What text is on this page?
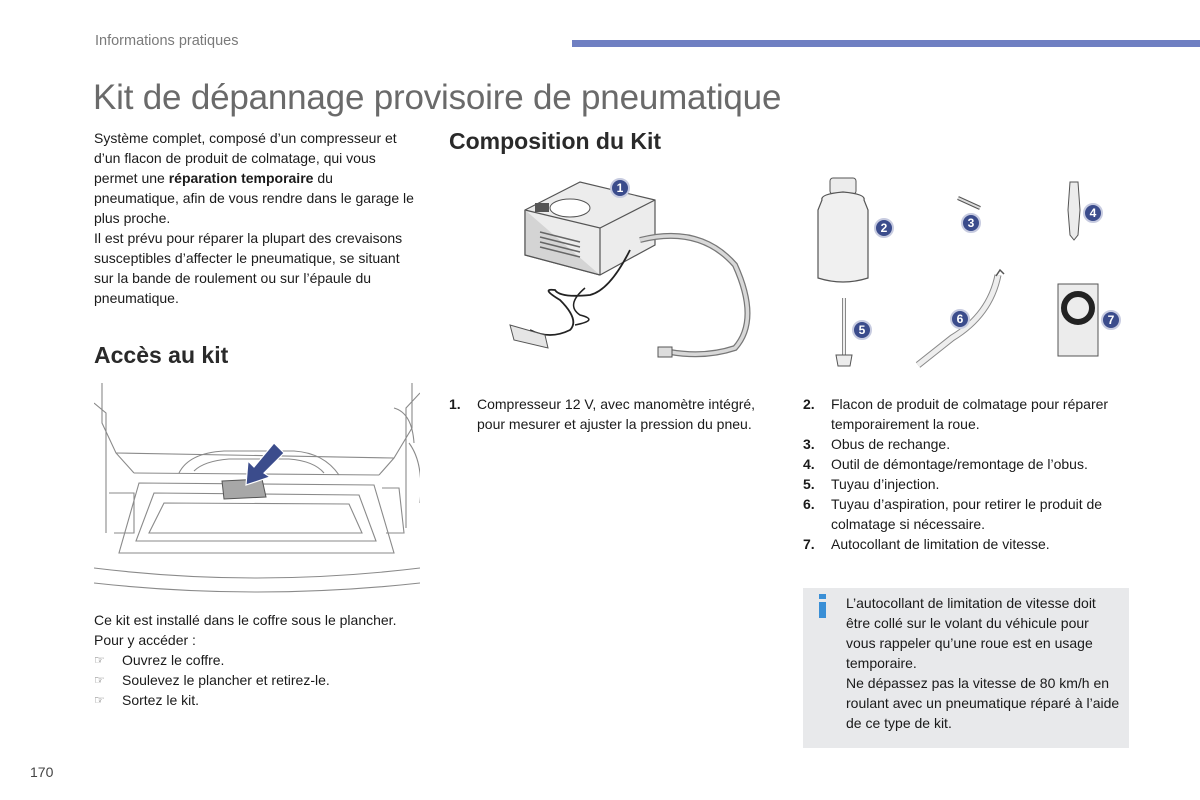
Informations pratiques
Kit de dépannage provisoire de pneumatique
Système complet, composé d’un compresseur et d’un flacon de produit de colmatage, qui vous permet une réparation temporaire du pneumatique, afin de vous rendre dans le garage le plus proche.
Il est prévu pour réparer la plupart des crevaisons susceptibles d’affecter le pneumatique, se situant sur la bande de roulement ou sur l’épaule du pneumatique.
Composition du Kit
Accès au kit
Ce kit est installé dans le coffre sous le plancher.
Pour y accéder :
☞ Ouvrez le coffre.
☞ Soulevez le plancher et retirez-le.
☞ Sortez le kit.
1
2	3
4
5
6	7
1. Compresseur 12 V, avec manomètre intégré, pour mesurer et ajuster la pression du pneu.
2. Flacon de produit de colmatage pour réparer temporairement la roue.
3. Obus de rechange.
4. Outil de démontage/remontage de l’obus.
5. Tuyau d’injection.
6. Tuyau d’aspiration, pour retirer le produit de colmatage si nécessaire.
7. Autocollant de limitation de vitesse.
L’autocollant de limitation de vitesse doit être collé sur le volant du véhicule pour vous rappeler qu’une roue est en usage temporaire.
Ne dépassez pas la vitesse de 80 km/h en roulant avec un pneumatique réparé à l’aide de ce type de kit.
170
